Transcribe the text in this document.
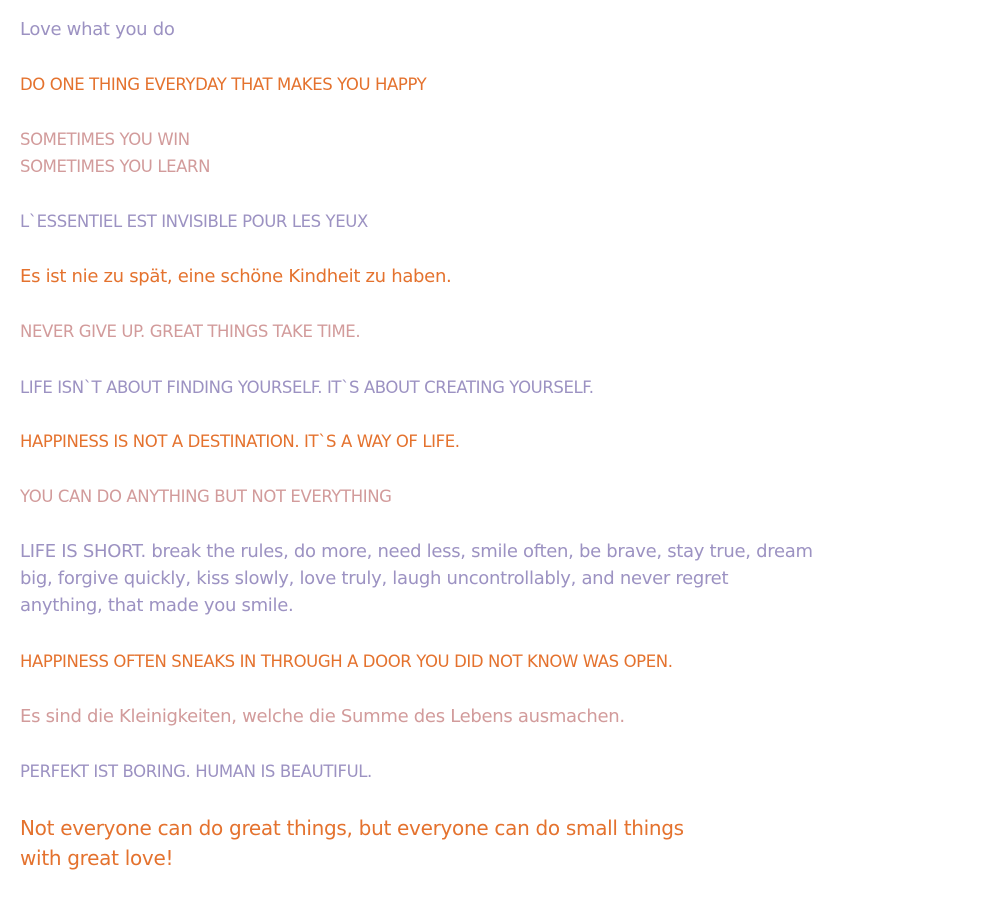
Love what you do

DO ONE THING EVERYDAY THAT MAKES YOU HAPPY

SOMETIMES YOU WIN

SOMETIMES YOU LEARN

L`ESSENTIEL EST INVISIBLE POUR LES YEUX

Es ist nie zu spät, eine schöne Kindheit zu haben.

NEVER GIVE UP. GREAT THINGS TAKE TIME.

LIFE ISN`T ABOUT FINDING YOURSELF. IT`S ABOUT CREATING YOURSELF.

HAPPINESS IS NOT A DESTINATION. IT`S A WAY OF LIFE.

YOU CAN DO ANYTHING BUT NOT EVERYTHING

LIFE IS SHORT. break the rules, do more, need less, smile often, be brave, stay true, dream

big, forgive quickly, kiss slowly, love truly, laugh uncontrollably, and never regret

anything, that made you smile.

HAPPINESS OFTEN SNEAKS IN THROUGH A DOOR YOU DID NOT KNOW WAS OPEN.

Es sind die Kleinigkeiten, welche die Summe des Lebens ausmachen.

PERFEKT IST BORING. HUMAN IS BEAUTIFUL.

Not everyone can do great things, but everyone can do small things

with great love!
